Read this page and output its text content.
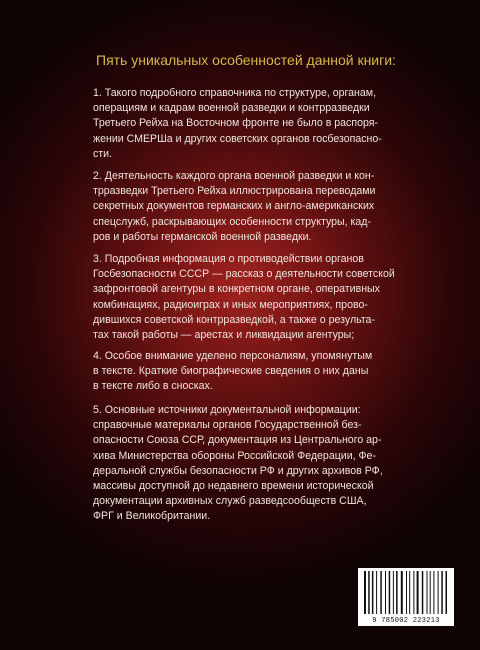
Пять уникальных особенностей данной книги:
1. Такого подробного справочника по структуре, органам,
операциям и кадрам военной разведки и контрразведки
Третьего Рейха на Восточном фронте не было в распоря-
жении СМЕРШа и других советских органов госбезопасно-
сти.
2. Деятельность каждого органа военной разведки и кон-
трразведки Третьего Рейха иллюстрирована переводами
секретных документов германских и англо-американских
спецслужб, раскрывающих особенности структуры, кад-
ров и работы германской военной разведки.
3. Подробная информация о противодействии органов
Госбезопасности СССР — рассказ о деятельности советской
зафронтовой агентуры в конкретном органе, оперативных
комбинациях, радиоиграх и иных мероприятиях, прово-
дившихся советской контрразведкой, а также о результа-
тах такой работы — арестах и ликвидации агентуры;
4. Особое внимание уделено персоналиям, упомянутым
в тексте. Краткие биографические сведения о них даны
в тексте либо в сносках.
5. Основные источники документальной информации:
справочные материалы органов Государственной без-
опасности Союза ССР, документация из Центрального ар-
хива Министерства обороны Российской Федерации, Фе-
деральной службы безопасности РФ и других архивов РФ,
массивы доступной до недавнего времени исторической
документации архивных служб разведсообществ США,
ФРГ и Великобритании.
9 785002 223213
